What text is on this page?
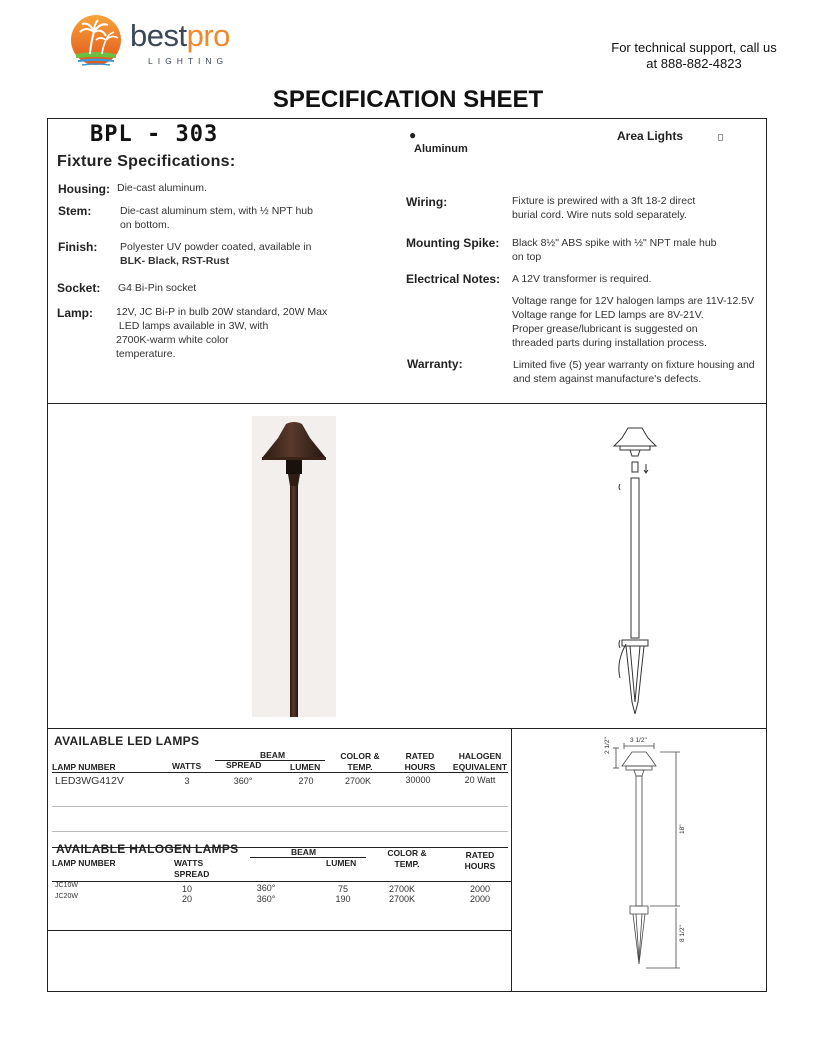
bestpro
LIGHTING
For technical support, call us
at 888-882-4823
SPECIFICATION SHEET
BPL - 303
Fixture Specifications:
●
Aluminum
Area Lights
Housing: Die-cast aluminum.
Stem:	Die-cast aluminum stem, with ½ NPT hub
on bottom.
Finish: Polyester UV powder coated, available in
BLK- Black, RST-Rust
Socket: G4 Bi-Pin socket
Lamp: 12V, JC Bi-P in bulb 20W standard, 20W Max
LED lamps available in 3W, with
2700K-warm white color
temperature.
Wiring:	Fixture is prewired with a 3ft 18-2 direct
burial cord. Wire nuts sold separately.
Mounting Spike: Black 8½" ABS spike with ½" NPT male hub
on top
Electrical Notes: A 12V transformer is required.
Voltage range for 12V halogen lamps are 11V-12.5V
Voltage range for LED lamps are 8V-21V.
Proper grease/lubricant is suggested on
threaded parts during installation process.
Warranty:	Limited five (5) year warranty on fixture housing and
and stem against manufacture's defects.
AVAILABLE LED LAMPS
BEAM
LAMP NUMBER	WATTS	SPREAD	LUMEN
COLOR &
TEMP.
RATED
HOURS
HALOGEN
EQUIVALENT
LED3WG412V	3	360°	270	2700K	30000	20 Watt
AVAILABLE HALOGEN LAMPS	BEAM
LAMP NUMBER	WATTS
SPREAD
LUMEN
COLOR &
TEMP.
RATED
HOURS
JC10W	10	360°	75	2700K	2000
JC20W	20	360°	190	2700K	2000
3 1/2"
2 1/2"
18"
8 1/2"
